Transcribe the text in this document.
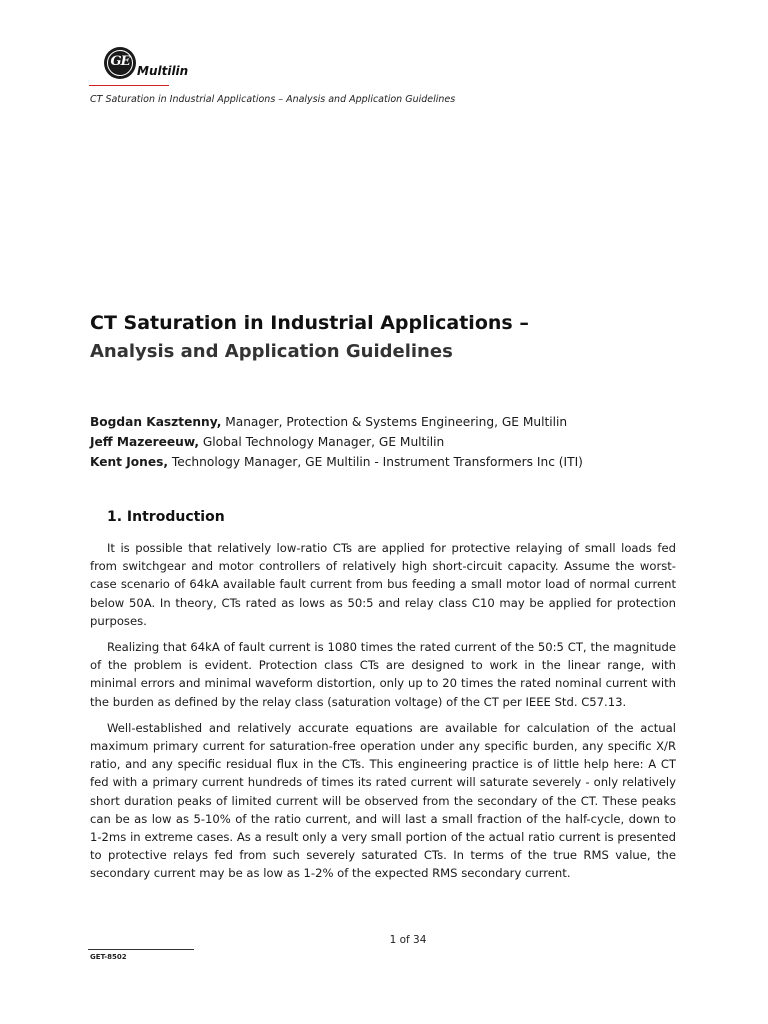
GE
Multilin
CT Saturation in Industrial Applications – Analysis and Application Guidelines
CT Saturation in Industrial Applications –
Analysis and Application Guidelines
Bogdan Kasztenny, Manager, Protection & Systems Engineering, GE Multilin
Jeff Mazereeuw, Global Technology Manager, GE Multilin
Kent Jones, Technology Manager, GE Multilin - Instrument Transformers Inc (ITI)
1. Introduction

It is possible that relatively low-ratio CTs are applied for protective relaying of small loads fed from switchgear and motor controllers of relatively high short-circuit capacity. Assume the worst-case scenario of 64kA available fault current from bus feeding a small motor load of normal current below 50A. In theory, CTs rated as lows as 50:5 and relay class C10 may be applied for protection purposes.

Realizing that 64kA of fault current is 1080 times the rated current of the 50:5 CT, the magnitude of the problem is evident. Protection class CTs are designed to work in the linear range, with minimal errors and minimal waveform distortion, only up to 20 times the rated nominal current with the burden as defined by the relay class (saturation voltage) of the CT per IEEE Std. C57.13.

Well-established and relatively accurate equations are available for calculation of the actual maximum primary current for saturation-free operation under any specific burden, any specific X/R ratio, and any specific residual flux in the CTs. This engineering practice is of little help here: A CT fed with a primary current hundreds of times its rated current will saturate severely - only relatively short duration peaks of limited current will be observed from the secondary of the CT. These peaks can be as low as 5-10% of the ratio current, and will last a small fraction of the half-cycle, down to 1-2ms in extreme cases. As a result only a very small portion of the actual ratio current is presented to protective relays fed from such severely saturated CTs. In terms of the true RMS value, the secondary current may be as low as 1-2% of the expected RMS secondary current.

1 of 34
GET-8502
